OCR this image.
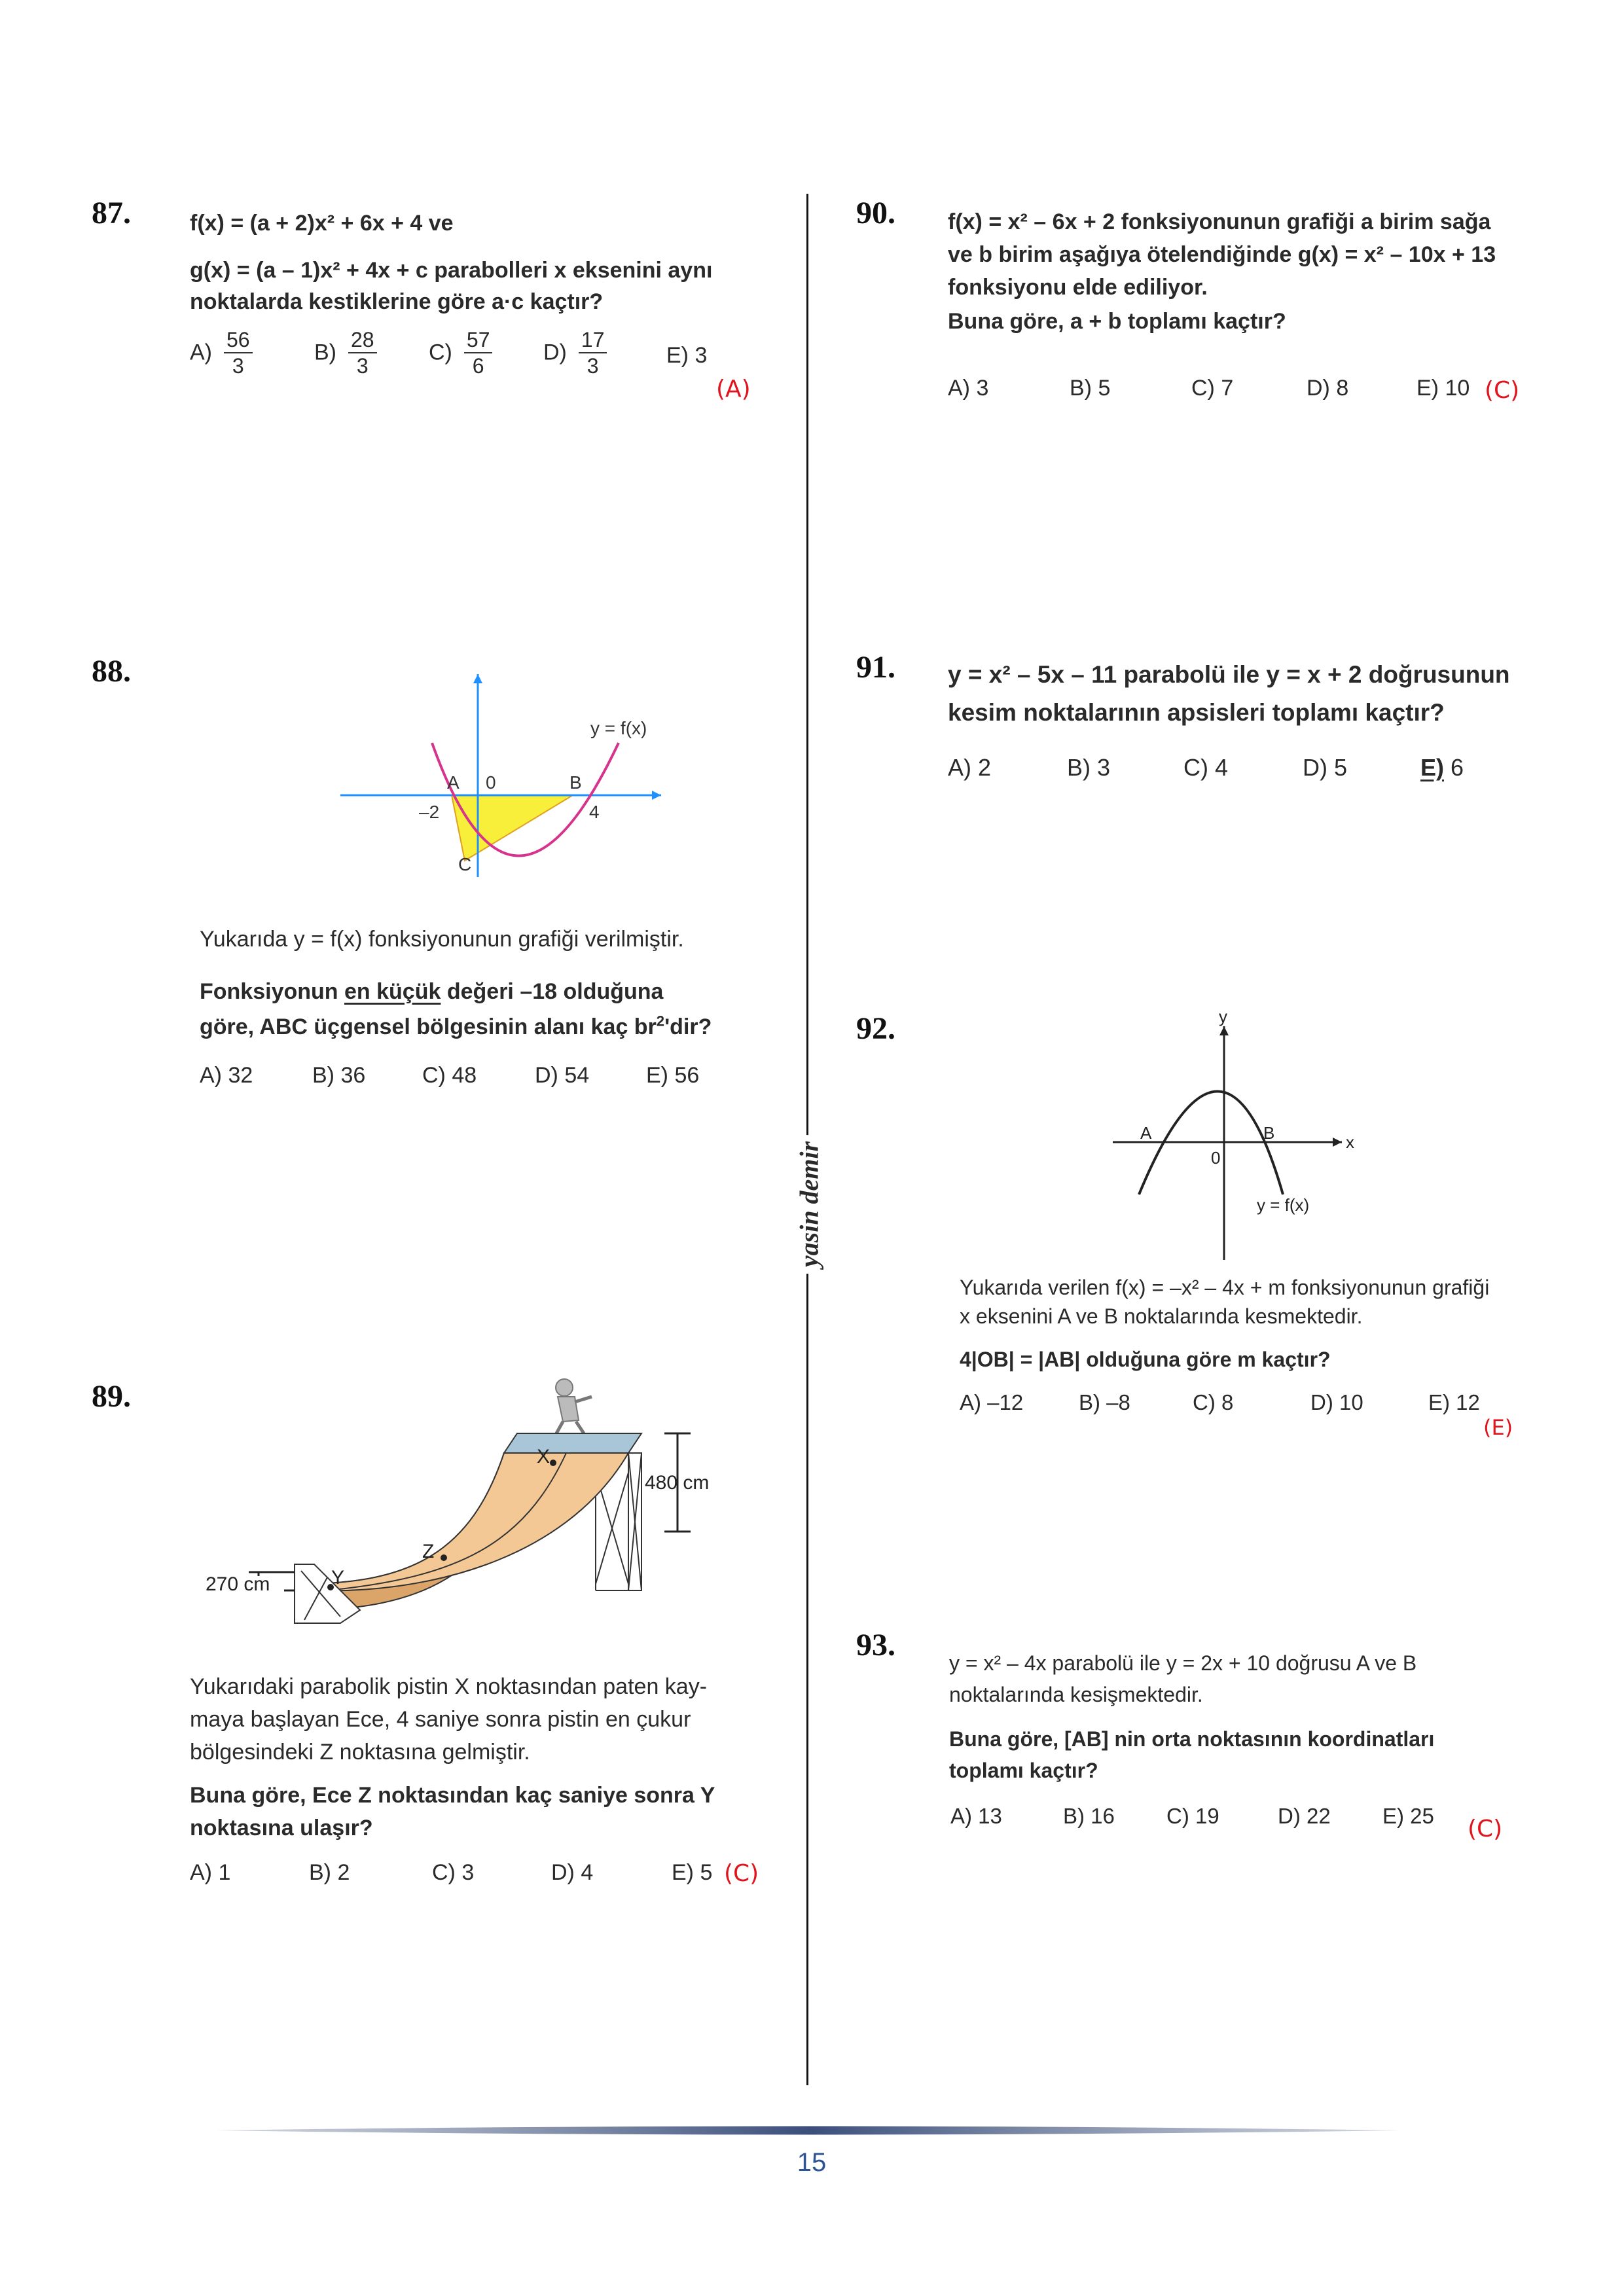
87.	f(x) = (a + 2)x² + 6x + 4 ve
g(x) = (a – 1)x² + 4x + c parabolleri x eksenini aynı
noktalarda kestiklerine göre a·c kaçtır?
$A) \frac{56}{3}$	$B) \frac{28}{3} C) \frac{57}{6} D) \frac{17}{3}$	E) 3
(A)
88.
y = f(x)
A 0	B
–2	4
C
Yukarıda y = f(x) fonksiyonunun grafiği verilmiştir.
Fonksiyonun en küçük değeri –18 olduğuna
göre, ABC üçgensel bölgesinin alanı kaç $br^2'dir$?
A) 32	B) 36	C) 48	D) 54	E) 56
89.
X
Z
Y
480 cm
270 cm
Yukarıdaki parabolik pistin X noktasından paten kay-
maya başlayan Ece, 4 saniye sonra pistin en çukur
bölgesindeki Z noktasına gelmiştir.
Buna göre, Ece Z noktasından kaç saniye sonra Y
noktasına ulaşır?
A) 1	B) 2	C) 3	D) 4	E) 5 (C)
yasin demir
90. f(x) = x² – 6x + 2 fonksiyonunun grafiği a birim sağa
ve b birim aşağıya ötelendiğinde g(x) = x² – 10x + 13
fonksiyonu elde ediliyor.
Buna göre, a + b toplamı kaçtır?
A) 3	B) 5	C) 7	D) 8	E) 10 (C)
91. y = x² – 5x – 11 parabolü ile y = x + 2 doğrusunun
kesim noktalarının apsisleri toplamı kaçtır?
A) 2	B) 3	C) 4	D) 5	E) 6
92.	y
x
A	B
0
y = f(x)
Yukarıda verilen f(x) = –x² – 4x + m fonksiyonunun grafiği
x eksenini A ve B noktalarında kesmektedir.
4|OB| = |AB| olduğuna göre m kaçtır?
A) –12	B) –8	C) 8	D) 10	E) 12
(E)
93.
y = x² – 4x parabolü ile y = 2x + 10 doğrusu A ve B
noktalarında kesişmektedir.
Buna göre, [AB] nin orta noktasının koordinatları
toplamı kaçtır?
A) 13	B) 16 C) 19	D) 22 E) 25 (C)
15
